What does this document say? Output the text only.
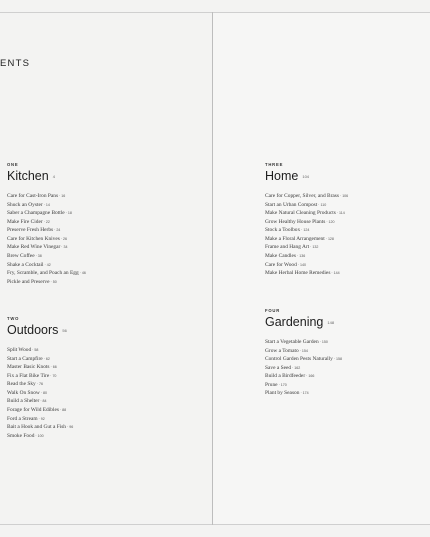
ENTS
ONE
Kitchen 4
Care for Cast-Iron Pans · 16
Shuck an Oyster · 14
Saber a Champagne Bottle · 18
Make Fire Cider · 22
Preserve Fresh Herbs · 24
Care for Kitchen Knives · 26
Make Red Wine Vinegar · 34
Brew Coffee · 38
Shake a Cocktail · 42
Fry, Scramble, and Poach an Egg · 46
Pickle and Preserve · 50
TWO
Outdoors 56
Split Wood · 58
Start a Campfire · 62
Master Basic Knots · 66
Fix a Flat Bike Tire · 70
Read the Sky · 76
Walk On Snow · 80
Build a Shelter · 84
Forage for Wild Edibles · 88
Ford a Stream · 92
Bait a Hook and Gut a Fish · 96
Smoke Food · 100
THREE
Home 104
Care for Copper, Silver, and Brass · 106
Start an Urban Compost · 110
Make Natural Cleaning Products · 114
Grow Healthy House Plants · 120
Stock a Toolbox · 124
Make a Floral Arrangement · 128
Frame and Hang Art · 132
Make Candles · 136
Care for Wood · 140
Make Herbal Home Remedies · 144
FOUR
Gardening 148
Start a Vegetable Garden · 150
Grow a Tomato · 154
Control Garden Pests Naturally · 158
Save a Seed · 162
Build a Birdfeeder · 166
Prune · 170
Plant by Season · 174
